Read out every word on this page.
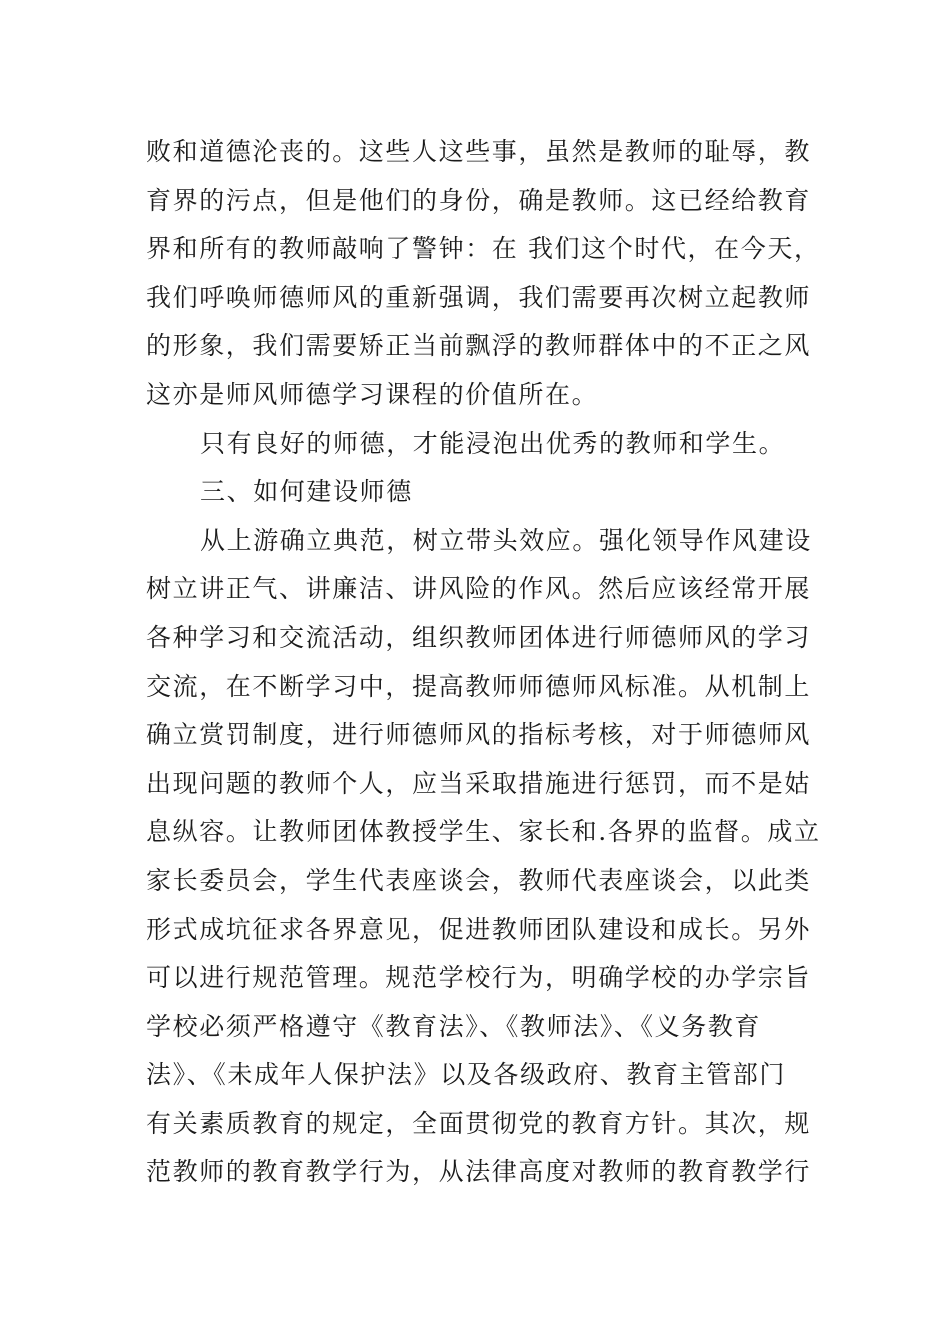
败和道德沦丧的。这些人这些事，虽然是教师的耻辱，教
育界的污点，但是他们的身份，确是教师。这已经给教育
界和所有的教师敲响了警钟：在 我们这个时代，在今天，
我们呼唤师德师风的重新强调，我们需要再次树立起教师
的形象，我们需要矫正当前飘浮的教师群体中的不正之风
这亦是师风师德学习课程的价值所在。
只有良好的师德，才能浸泡出优秀的教师和学生。
三、如何建设师德
从上游确立典范，树立带头效应。强化领导作风建设
树立讲正气、讲廉洁、讲风险的作风。然后应该经常开展
各种学习和交流活动，组织教师团体进行师德师风的学习
交流，在不断学习中，提高教师师德师风标准。从机制上
确立赏罚制度，进行师德师风的指标考核，对于师德师风
出现问题的教师个人，应当采取措施进行惩罚，而不是姑
息纵容。让教师团体教授学生、家长和.各界的监督。成立
家长委员会，学生代表座谈会，教师代表座谈会，以此类
形式成坑征求各界意见，促进教师团队建设和成长。另外
可以进行规范管理。规范学校行为，明确学校的办学宗旨
学校必须严格遵守《教育法》、《教师法》、《义务教育
法》、《未成年人保护法》以及各级政府、教育主管部门
有关素质教育的规定，全面贯彻党的教育方针。其次，规
范教师的教育教学行为，从法律高度对教师的教育教学行
